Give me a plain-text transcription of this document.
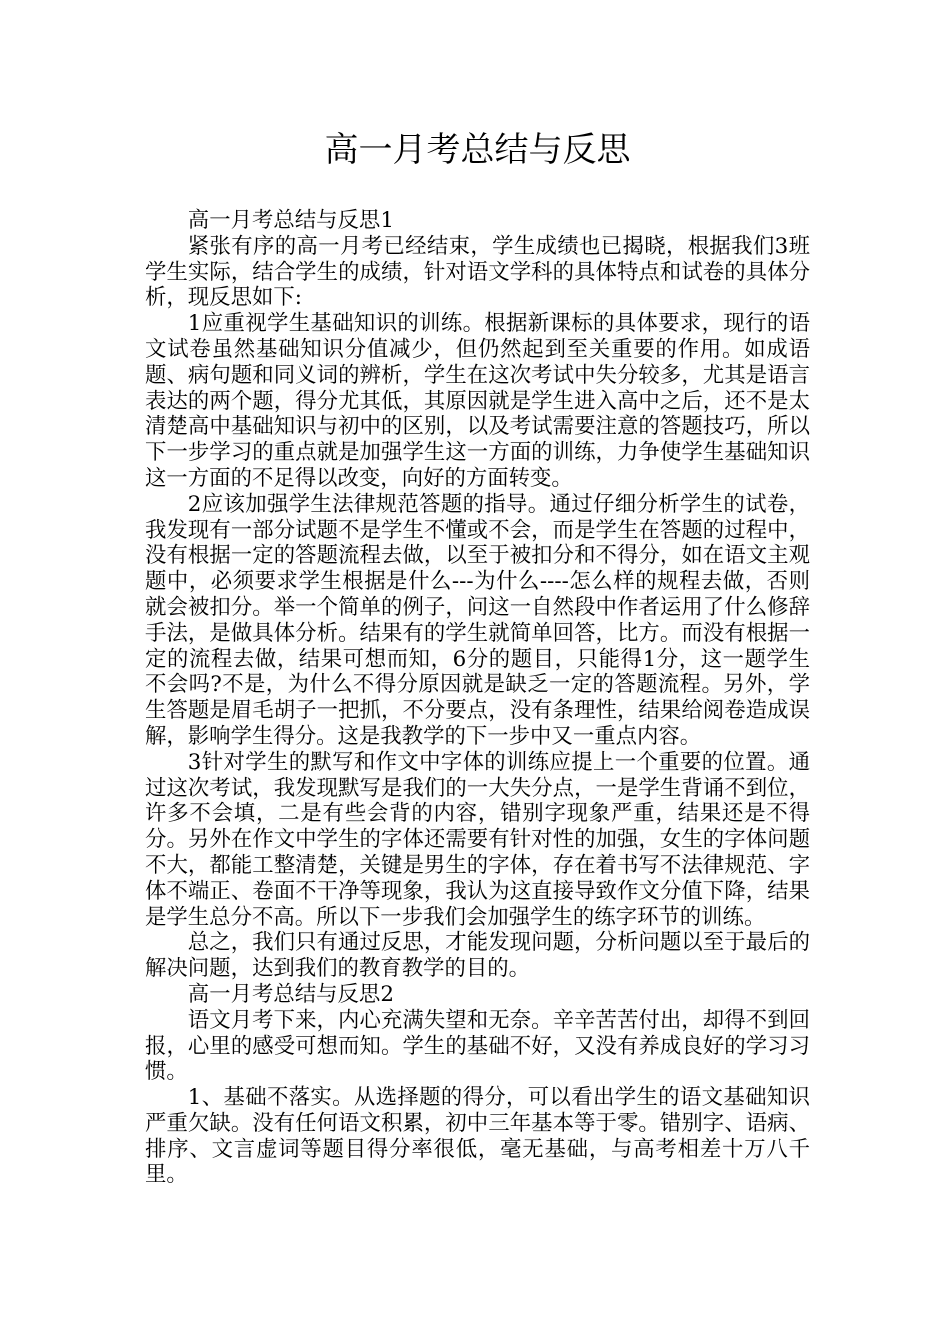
高一月考总结与反思

高一月考总结与反思1

紧张有序的高一月考已经结束，学生成绩也已揭晓，根据我们3班学生实际，结合学生的成绩，针对语文学科的具体特点和试卷的具体分析，现反思如下:

1应重视学生基础知识的训练。根据新课标的具体要求，现行的语文试卷虽然基础知识分值减少，但仍然起到至关重要的作用。如成语题、病句题和同义词的辨析，学生在这次考试中失分较多，尤其是语言表达的两个题，得分尤其低，其原因就是学生进入高中之后，还不是太清楚高中基础知识与初中的区别，以及考试需要注意的答题技巧，所以下一步学习的重点就是加强学生这一方面的训练，力争使学生基础知识这一方面的不足得以改变，向好的方面转变。

2应该加强学生法律规范答题的指导。通过仔细分析学生的试卷，我发现有一部分试题不是学生不懂或不会，而是学生在答题的过程中，没有根据一定的答题流程去做，以至于被扣分和不得分，如在语文主观题中，必须要求学生根据是什么---为什么----怎么样的规程去做，否则就会被扣分。举一个简单的例子，问这一自然段中作者运用了什么修辞手法，是做具体分析。结果有的学生就简单回答，比方。而没有根据一定的流程去做，结果可想而知，6分的题目，只能得1分，这一题学生不会吗?不是，为什么不得分原因就是缺乏一定的答题流程。另外，学生答题是眉毛胡子一把抓，不分要点，没有条理性，结果给阅卷造成误解，影响学生得分。这是我教学的下一步中又一重点内容。

3针对学生的默写和作文中字体的训练应提上一个重要的位置。通过这次考试，我发现默写是我们的一大失分点，一是学生背诵不到位，许多不会填，二是有些会背的内容，错别字现象严重，结果还是不得分。另外在作文中学生的字体还需要有针对性的加强，女生的字体问题不大，都能工整清楚，关键是男生的字体，存在着书写不法律规范、字体不端正、卷面不干净等现象，我认为这直接导致作文分值下降，结果是学生总分不高。所以下一步我们会加强学生的练字环节的训练。

总之，我们只有通过反思，才能发现问题，分析问题以至于最后的解决问题，达到我们的教育教学的目的。

高一月考总结与反思2

语文月考下来，内心充满失望和无奈。辛辛苦苦付出，却得不到回报，心里的感受可想而知。学生的基础不好，又没有养成良好的学习习惯。

1、基础不落实。从选择题的得分，可以看出学生的语文基础知识严重欠缺。没有任何语文积累，初中三年基本等于零。错别字、语病、排序、文言虚词等题目得分率很低，毫无基础，与高考相差十万八千里。
